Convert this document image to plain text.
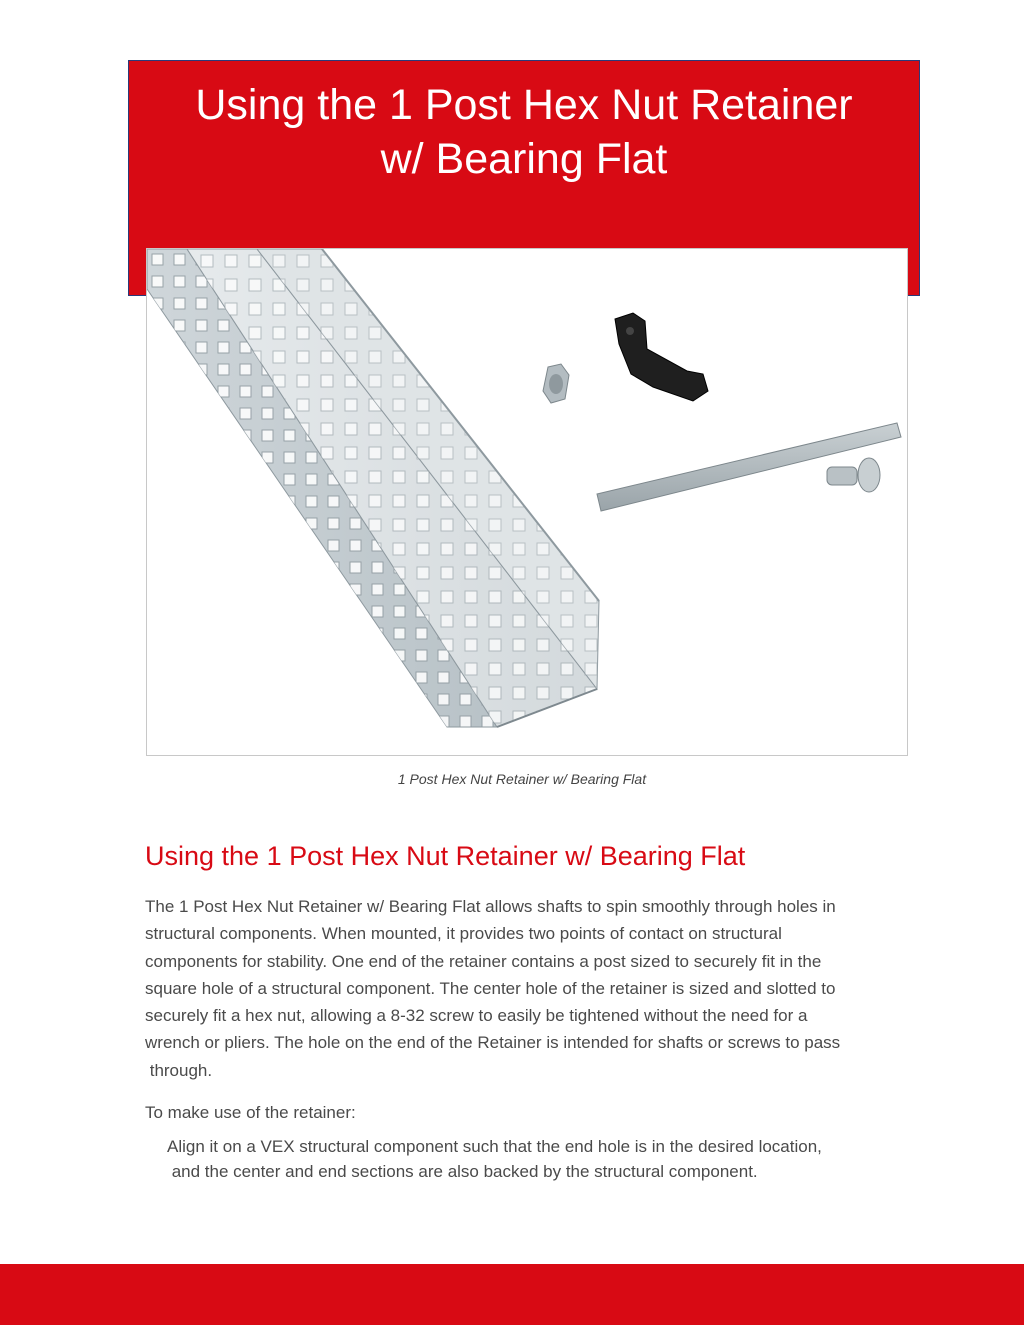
Using the 1 Post Hex Nut Retainer
w/ Bearing Flat
1 Post Hex Nut Retainer w/ Bearing Flat
Using the 1 Post Hex Nut Retainer w/ Bearing Flat

The 1 Post Hex Nut Retainer w/ Bearing Flat allows shafts to spin smoothly through holes in
structural components. When mounted, it provides two points of contact on structural
components for stability. One end of the retainer contains a post sized to securely fit in the
square hole of a structural component. The center hole of the retainer is sized and slotted to
securely fit a hex nut, allowing a 8-32 screw to easily be tightened without the need for a
wrench or pliers. The hole on the end of the Retainer is intended for shafts or screws to pass
through.

To make use of the retainer:

Align it on a VEX structural component such that the end hole is in the desired location,
and the center and end sections are also backed by the structural component.
